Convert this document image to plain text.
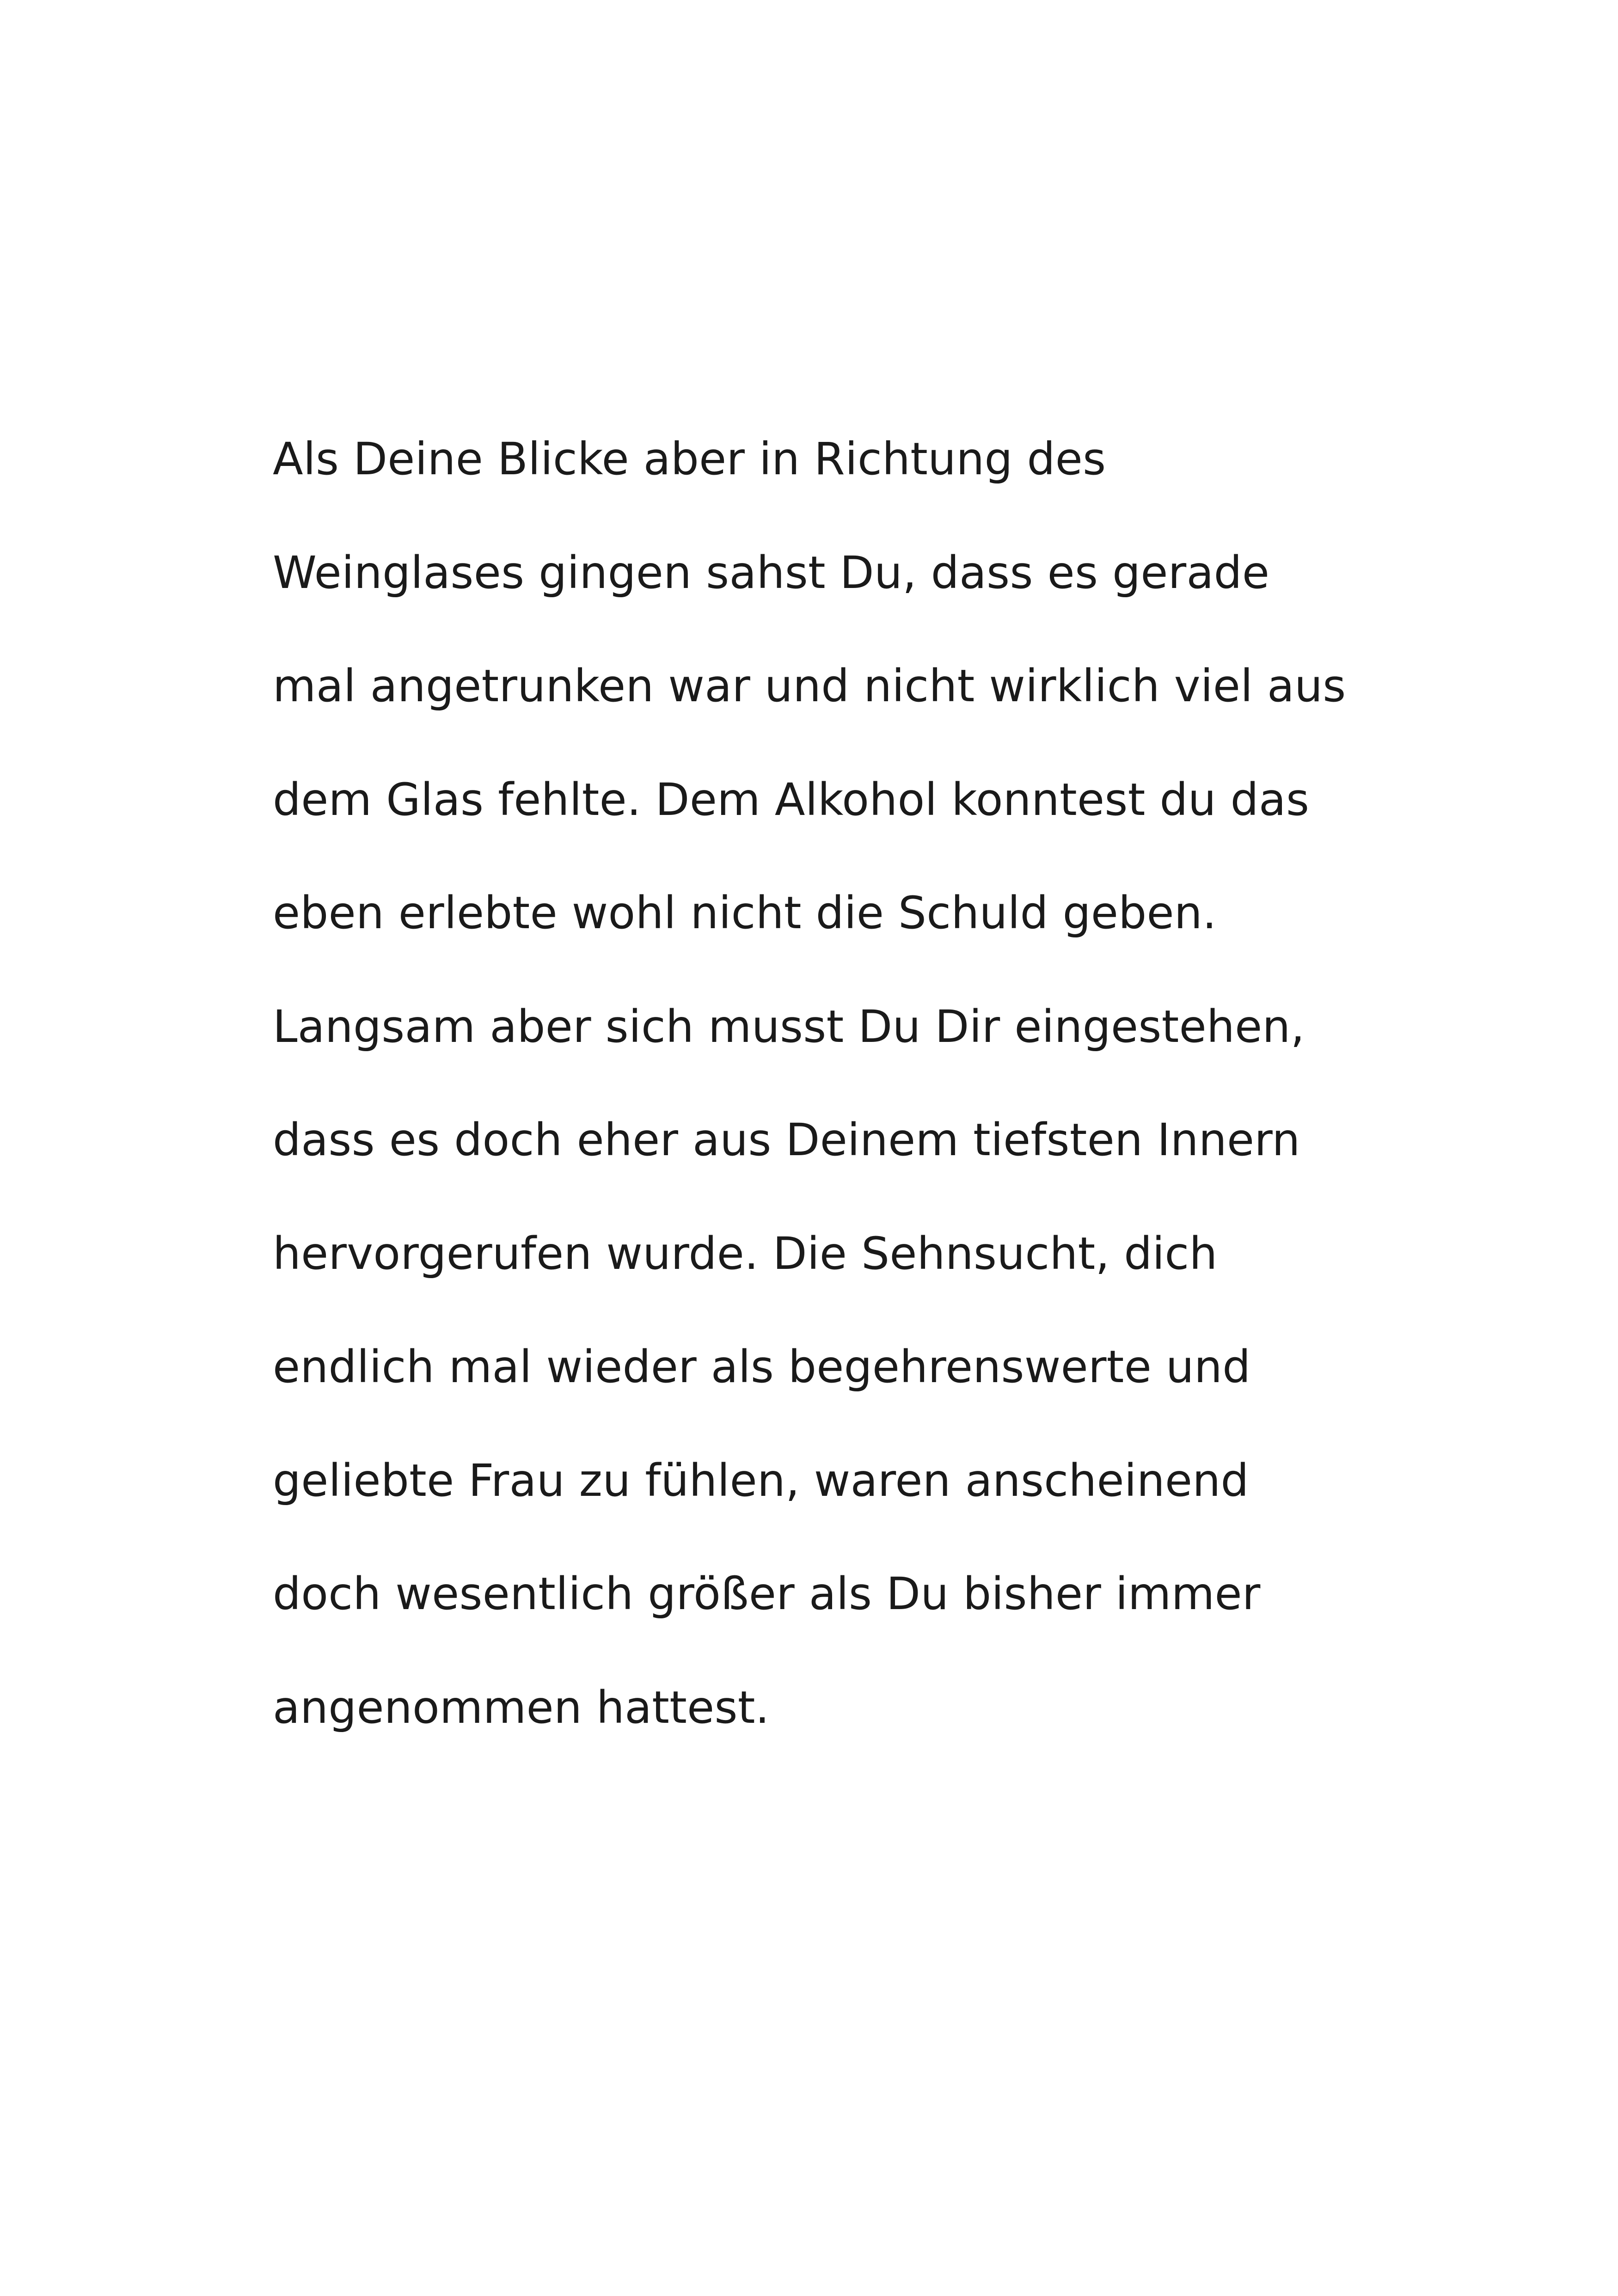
Als Deine Blicke aber in Richtung des
Weinglases gingen sahst Du, dass es gerade
mal angetrunken war und nicht wirklich viel aus
dem Glas fehlte. Dem Alkohol konntest du das
eben erlebte wohl nicht die Schuld geben.
Langsam aber sich musst Du Dir eingestehen,
dass es doch eher aus Deinem tiefsten Innern
hervorgerufen wurde. Die Sehnsucht, dich
endlich mal wieder als begehrenswerte und
geliebte Frau zu fühlen, waren anscheinend
doch wesentlich größer als Du bisher immer
angenommen hattest.
